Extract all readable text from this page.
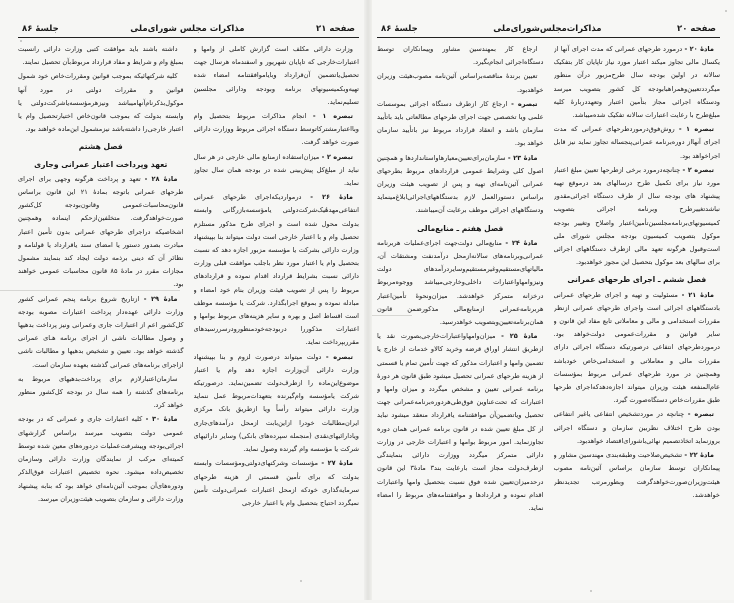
صفحه ۲۱
مذاکرات مجلس شورای‌ملی
جلسهٔ ۸۶

وزارت دارائی مکلف است گزارش کاملی از وامها و اعتبارات‌خارجی که تاپایان شهریور و اسفندماه هرسال جهت تحصیل‌یاتضمین آن‌قرارداد وبایاموافقتنامه امضاء شده تهیه‌وبکمیسیونهای برنامه وبودجه ودارائی مجلسین تسلیم‌نماید.

تبصره ۱ - انجام مذاکرات مربوط بتحصیل وام وبااعتبارمشترکاتوسط دستگاه اجرائی مربوط ووزارت دارائی صورت خواهد گرفت.

تبصره ۲ - میزان‌استفاده ازمنابع مالی خارجی در هر سال نباید از مبلغ‌کل پیش‌بینی شده در بودجه همان سال تجاوز نماید.

مادهٔ ۲۶ - درمواردیکه‌اجرای طرحهای عمرانی انتفاعی‌مهدهٔیک‌شرکت‌دولتی یامؤسسه‌بازرگانی وابسته بدولت محول شده است و اجرای طرح مذکور مستلزم تحصیل وام و با اعتبار خارجی است دولت میتواند بنا بپیشنهاد وزارت دارائی بشرکت یا مؤسسه مزبور اجازه دهد که نسبت بتحصیل وام یا اعتبار مورد نظر باجلب موافقت قبلی وزارت دارائی نسبت بشرایط قرارداد اقدام نموده و قراردادهای مربوط را پس از تصویب هیئت وزیران بنام خود امضاء و مبادله نموده و بموقع اجرابگذارد. شرکت یا مؤسسه موظف است اقساط اصل و بهره و سایر هزینه‌های مربوط بوامها و اعتبارات مذکوررا دربودجه‌خودمنظورودرسررسیدهای مقرربپرداخت نماید.

تبصره - دولت میتواند درصورت لزوم و بنا بپیشنهاد وزارت دارائی آن‌وزارت اجازه دهد وام یا اعتبار موضوع‌این‌ماده را ازطرف‌دولت تضمین‌نماید. درصورتیکه شرکت یامؤسسه وام‌گیرنده بتعهدات‌مربوط عمل ننماید وزارت دارائی میتواند رأساً ویا ازطریق بانک مرکزی ایران‌مطالبات خودرا ازاین‌بابت ازمحل درآمدهای‌جاری ویادارائیهای‌نقدی (منجمله سپرده‌های بانکی) وسایر دارائیهای شرکت یا مؤسسه وام گیرنده وصول نماید.

مادهٔ ۲۷ - مؤسسات وشرکتهای‌دولتی‌ومؤسسات وابسته بدولت که برای تأمین قسمتی از هزینه طرحهای سرمایه‌گذاری خودکه ازمحل اعتبارات عمرانی‌دولت تأمین نمیگردد احتیاج بتحصیل وام یا اعتبار خارجی

داشته باشند باید موافقت کتبی وزارت دارائی رانسبت بمبلغ وام و شرایط و مفاد قرارداد مربوط‌بآن تحصیل نمایند.

کلیه شرکتهائیکه بموجب قوانین ومقررات‌خاص خود شمول قوانین و مقررات دولتی در مورد آنها موکول‌بذکرنام‌آنهامیباشد ونیزهرمؤسسه‌یاشرکت‌دولتی یا وابسته بدولت که بموجب قانون‌خاص اختیارتحصیل وام یا اعتبار خارجی‌را داشته‌باشد نیزمشمول این‌ماده خواهند بود.

فصل هشتم

تعهد وپرداخت اعتبار عمرانی وجاری

مادهٔ ۲۸ - تعهد و پرداخت هرگونه وجهی برای اجرای طرحهای عمرانی باتوجه بمادهٔ ۲۱ این قانون براساس قانون‌محاسبات‌عمومی وقانون‌بودجه کل‌کشور صورت‌خواهدگرفت. متخلفین‌ازحکم اینماده وهمچنین اشخاصیکه دراجرای طرحهای عمرانی بدون تأمین اعتبار مبادرت بصدور دستور یا امضای سند یاقرارداد یا قولنامه و نظائر آن که دینی برذمه دولت ایجاد کند بنمایند مشمول مجازات مقرر در مادهٔ ۸۵ قانون محاسبات عمومی خواهند بود.

مادهٔ ۲۹ - ازتاریخ شروع برنامه پنجم عمرانی کشور وزارت دارائی عهده‌دار پرداخت اعتبارات مصوبه بودجه کل‌کشور اعم از اعتبارات جاری وعمرانی ونیز پرداخت بدهیها و وصول مطالبات ناشی از اجرای برنامه هـای عمرانی گذشته خواهد بود. تعیین و تشخیص بدهیها و مطالبات ناشی ازاجرای برنامه‌های عمرانی گذشته بعهده سازمان است.

سازمان‌اعتبارلازم برای پرداخت‌بدهیهای مربوط به برنامه‌های گذشته را همه سال در بودجه کل‌کشور منظور خواهد کرد.

مادهٔ ۳۰ - کلیه اعتبارات جاری و عمرانی که در بودجه عمومی دولت بتصویب میرسد براساس گزارشهای اجرائی‌بودجه وپیشرفت‌عملیات دردوره‌های معین شده توسط کمیته‌ای مرکب از نمایندگان وزارت دارائی وسازمان تخصیص‌داده میشود. نحوه تخصیص اعتبارات فوق‌الذکر ودوره‌های‌آن بموجب آئین‌نامه‌ای خواهد بود که بنابه پیشنهاد وزارت دارائی و سازمان بتصویب هیئت‌وزیران میرسد.

جلسهٔ ۸۶	مذاکرات‌مجلس‌شورای‌ملی	صفحه ۲۰

مادهٔ ۲۰ - درمورد طرحهای عمرانی که مدت اجرای آنها از یکسال مالی تجاوز میکند اعتبار مورد نیاز تاپایان کار بتفکیک سالانه در اولین بودجه سال طرح‌مزبور درآن منظور میگرددتعیین‌وهمراهبابودجه کل کشور بتصویب میرسد ودستگاه اجرائی مجاز بتأمین اعتبار وتعهددربارهٔ کلیه مبلغ‌طرح با رعایت اعتبارات سالانه تفکیک شده‌میباشد.

تبصره ۱ - روش‌فوق‌درمورد‌طرحهای عمرانی که مدت اجرای آنهااز دوره‌برنامه عمرانی‌پنجساله تجاوز نماید نیز قابل اجراخواهد بود.

تبصره ۲ - چنانچه‌درمورد برخی ازطرحها تعیین مبلغ اعتبار مورد نیاز برای تکمیل طرح درسالهای بعد درموقع تهیه پیشنهاد های بودجه سال از طرف دستگاه اجرائی‌مقدور نباشدتغییرطرح وبرنامه اجرائی بتصویب کمیسیونهای‌برنامه‌مجلسین‌تأمین‌اعتبار واصلاح وتغییر بودجه موکول بتصویب کمیسیون بودجه مجلس شورای ملی است‌وقبول هرگونه تعهد مالی ازطرف دستگاههای اجرائی برای سالهای بعد موکول بتحصیل این مجوز خواهدبود.

فصل ششم ـ اجرای طرحهای عمرانی

مادهٔ ۲۱ - مسئولیت و تهیه و اجرای طرحهای عمرانی بادستگاههای اجرائی است واجرای طرحهای عمرانی ازنظر مقررات استخدامی و مالی و معاملاتی تابع مفاد این قانون و سایر قوانین و مقررات‌عمومی دولت‌خواهد بود. درموردطرحهای انتفاعی درصورتیکه دستگاه اجرائی دارای مقررات مالی و معاملاتی و استخدامی‌خاص خودباشد وهمچنین در مورد طرحهای عمرانی مربوط بمؤسسات عام‌المنفعه هیئت وزیران میتواند اجازه‌دهدکه‌اجرای طرحها طبق مقررات‌خاص دستگاه‌صورت گیرد.

تبصره - چنانچه در موردتشخیص انتفاعی یاغیر انتفاعی بودن طرح اختلاف نظربین سازمان و دستگاه اجرائی بروزنماید اتخاذتصمیم نهائی‌باشورای‌اقتصاد خواهدبود.

مادهٔ ۲۲ - تشخیص‌صلاحیت وطبقه‌بندی مهندسین مشاور و پیمانکاران توسط سازمان براساس آئین‌نامه مصوب هیئت‌وزیران‌صورت‌خواهدگرفت وبطورمرتب تجدیدنظر خواهدشد.

ارجاع کار بمهندسین مشاور وپیمانکاران توسط دستگاه‌اجرائی انجام‌بگیرد.

تعیین برندهٔ مناقصه‌براساس آئین‌نامه مصوب‌هیئت وزیران خواهدبود.

تبصره - ارجاع کار ازطرف دستگاه اجرائی بموسسات علمی ویا تخصصی جهت اجرای طرحهای مطالعاتی باید باتأیید سازمان باشد و انعقاد قرارداد مربوط نیز باتأیید سازمان خواهد بود.

مادهٔ ۲۳ - سازمان‌برای‌تعیین‌معیارهاواستانداردها و همچنین اصول کلی وشرایط عمومی قراردادهای مربوط بطرحهای عمرانی آئین‌نامه‌ای تهیه و پس از تصویب هیئت وزیران براساس دستورالعمل لازم بدستگاههای‌اجرائی‌ابلاغ‌مینماید ودستگاههای اجرائی موظف برعایت آن‌میباشند.

فصل هفتم ـ منابع‌مالی

مادهٔ ۲۴ - منابع‌مالی دولت‌جهت اجرای‌عملیات هربرنامه عمرانی‌وبرنامه‌های سالانه‌ازمحل درآمدنفت ومشتقات آن، مالیاتهای‌مستقیم‌وغیرمستقیم‌وسایردرآمدهای دولت ونیزوامهاواعتبارات داخلی‌وخارجی‌میباشد ووجوه‌مربوط درخزانه متمرکز خواهدشد. میزان‌ونحوهٔ تأمین‌اعتبار هربرنامه‌عمرانی ازمنابع‌مالی مذکورضمن قانون همان‌برنامه‌تعیین‌وبتصویب خواهدرسید.

مادهٔ ۲۵ - میزان‌وامهاواعتبارات‌خارجی‌بصورت نقد یا ازطریق انتشار اوراق قرضه وخرید کالاو خدمات از خارج یا تضمین وامها و اعتبارات مذکور که جهت تأمین تمام یا قسمتی از هزینه طرحهای عمرانی تحصیل میشود طبق قانون هر دورهٔ برنامه عمرانی تعیین و مشخص میگردد و میزان وامها و اعتبارات که تحت‌عناوین فوق‌طی‌هردوره‌برنامه‌عمرانی جهت تحصیل ویاتضمین‌آن موافقتنامه یاقرارداد منعقد میشود نباید از کل مبلغ تعیین شده در قانون برنامه عمرانی همان دوره تجاوزنماید. امور مربوط بوامها و اعتبارات خارجی در وزارت دارائی متمرکز میگردد ووزارت دارائی بنمایندگی ازطرف‌دولت مجاز است بارعایت بند۳ مادهٔ۳ این قانون درحدمیزان‌تعیین شده فوق نسبت بتحصیل وامها واعتبارات اقدام نموده و قراردادها و موافقتنامه‌های مربوط را امضاء نماید.
